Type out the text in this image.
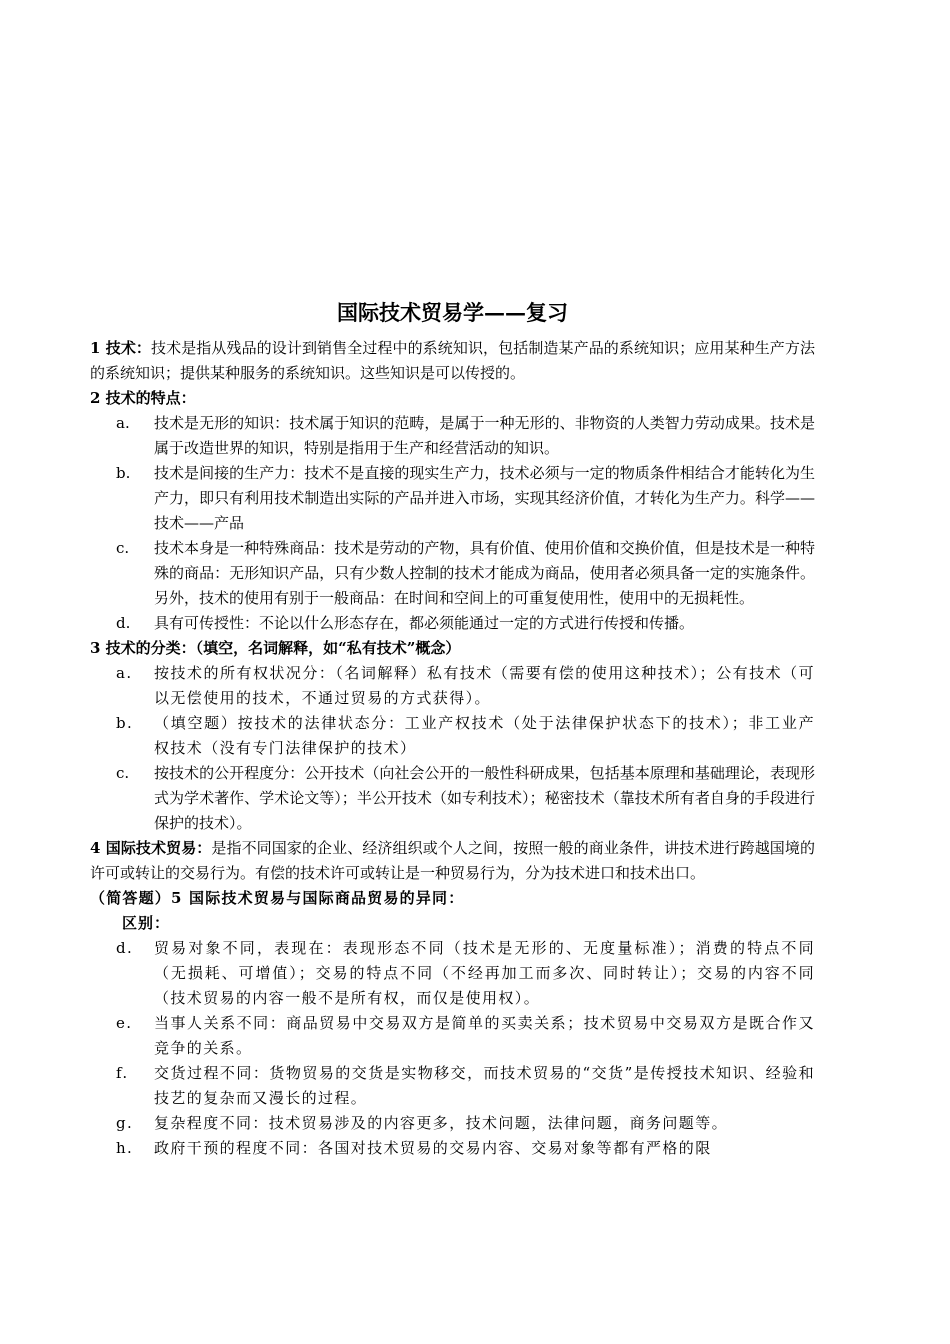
国际技术贸易学——复习

1 技术：技术是指从残品的设计到销售全过程中的系统知识，包括制造某产品的系统知识；应用某种生产方法的系统知识；提供某种服务的系统知识。这些知识是可以传授的。

2 技术的特点：

a.	技术是无形的知识：技术属于知识的范畴，是属于一种无形的、非物资的人类智力劳动成果。技术是属于改造世界的知识，特别是指用于生产和经营活动的知识。
b.	技术是间接的生产力：技术不是直接的现实生产力，技术必须与一定的物质条件相结合才能转化为生产力，即只有利用技术制造出实际的产品并进入市场，实现其经济价值，才转化为生产力。科学——技术——产品
c.	技术本身是一种特殊商品：技术是劳动的产物，具有价值、使用价值和交换价值，但是技术是一种特殊的商品：无形知识产品，只有少数人控制的技术才能成为商品，使用者必须具备一定的实施条件。另外，技术的使用有别于一般商品：在时间和空间上的可重复使用性，使用中的无损耗性。
d.	具有可传授性：不论以什么形态存在，都必须能通过一定的方式进行传授和传播。

3 技术的分类：（填空，名词解释，如“私有技术”概念）

a.	按技术的所有权状况分：（名词解释）私有技术（需要有偿的使用这种技术）；公有技术（可以无偿使用的技术，不通过贸易的方式获得）。
b.	（填空题）按技术的法律状态分：工业产权技术（处于法律保护状态下的技术）；非工业产权技术（没有专门法律保护的技术）
c.	按技术的公开程度分：公开技术（向社会公开的一般性科研成果，包括基本原理和基础理论，表现形式为学术著作、学术论文等）；半公开技术（如专利技术）；秘密技术（靠技术所有者自身的手段进行保护的技术）。

4 国际技术贸易：是指不同国家的企业、经济组织或个人之间，按照一般的商业条件，讲技术进行跨越国境的许可或转让的交易行为。有偿的技术许可或转让是一种贸易行为，分为技术进口和技术出口。

（简答题）5 国际技术贸易与国际商品贸易的异同：

区别：

d.	贸易对象不同，表现在：表现形态不同（技术是无形的、无度量标准）；消费的特点不同（无损耗、可增值）；交易的特点不同（不经再加工而多次、同时转让）；交易的内容不同（技术贸易的内容一般不是所有权，而仅是使用权）。
e.	当事人关系不同：商品贸易中交易双方是简单的买卖关系；技术贸易中交易双方是既合作又竞争的关系。
f.	交货过程不同：货物贸易的交货是实物移交，而技术贸易的“交货”是传授技术知识、经验和技艺的复杂而又漫长的过程。
g.	复杂程度不同：技术贸易涉及的内容更多，技术问题，法律问题，商务问题等。
h.	政府干预的程度不同：各国对技术贸易的交易内容、交易对象等都有严格的限
